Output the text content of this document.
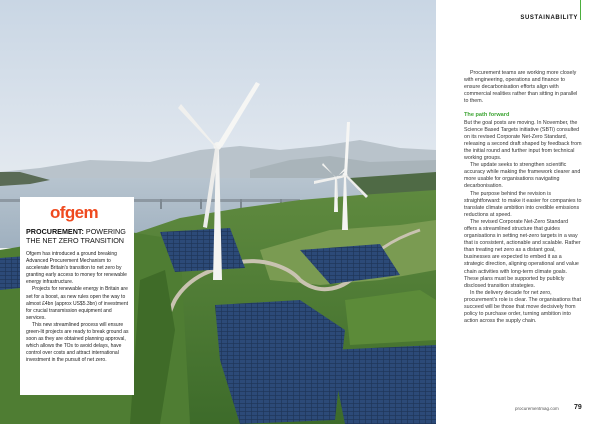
ofgem
PROCUREMENT: POWERING THE NET ZERO TRANSITION

Ofgem has introduced a ground breaking Advanced Procurement Mechanism to accelerate Britain's transition to net zero by granting early access to money for renewable energy infrastructure.

Projects for renewable energy in Britain are set for a boost, as new rules open the way to almost £4bn (approx US$5.3bn) of investment for crucial transmission equipment and services.

This new streamlined process will ensure green-lit projects are ready to break ground as soon as they are obtained planning approval, which allows the TOs to avoid delays, have control over costs and attract international investment in the pursuit of net zero.

SUSTAINABILITY

Procurement teams are working more closely with engineering, operations and finance to ensure decarbonisation efforts align with commercial realities rather than sitting in parallel to them.

The path forward

But the goal posts are moving. In November, the Science Based Targets initiative (SBTi) consulted on its revised Corporate Net-Zero Standard, releasing a second draft shaped by feedback from the initial round and further input from technical working groups.

The update seeks to strengthen scientific accuracy while making the framework clearer and more usable for organisations navigating decarbonisation.

The purpose behind the revision is straightforward: to make it easier for companies to translate climate ambition into credible emissions reductions at speed.

The revised Corporate Net-Zero Standard offers a streamlined structure that guides organisations in setting net-zero targets in a way that is consistent, actionable and scalable. Rather than treating net zero as a distant goal, businesses are expected to embed it as a strategic direction, aligning operational and value chain activities with long-term climate goals. These plans must be supported by publicly disclosed transition strategies.

In the delivery decade for net zero, procurement's role is clear. The organisations that succeed will be those that move decisively from policy to purchase order, turning ambition into action across the supply chain.

procurementmag.com 79
